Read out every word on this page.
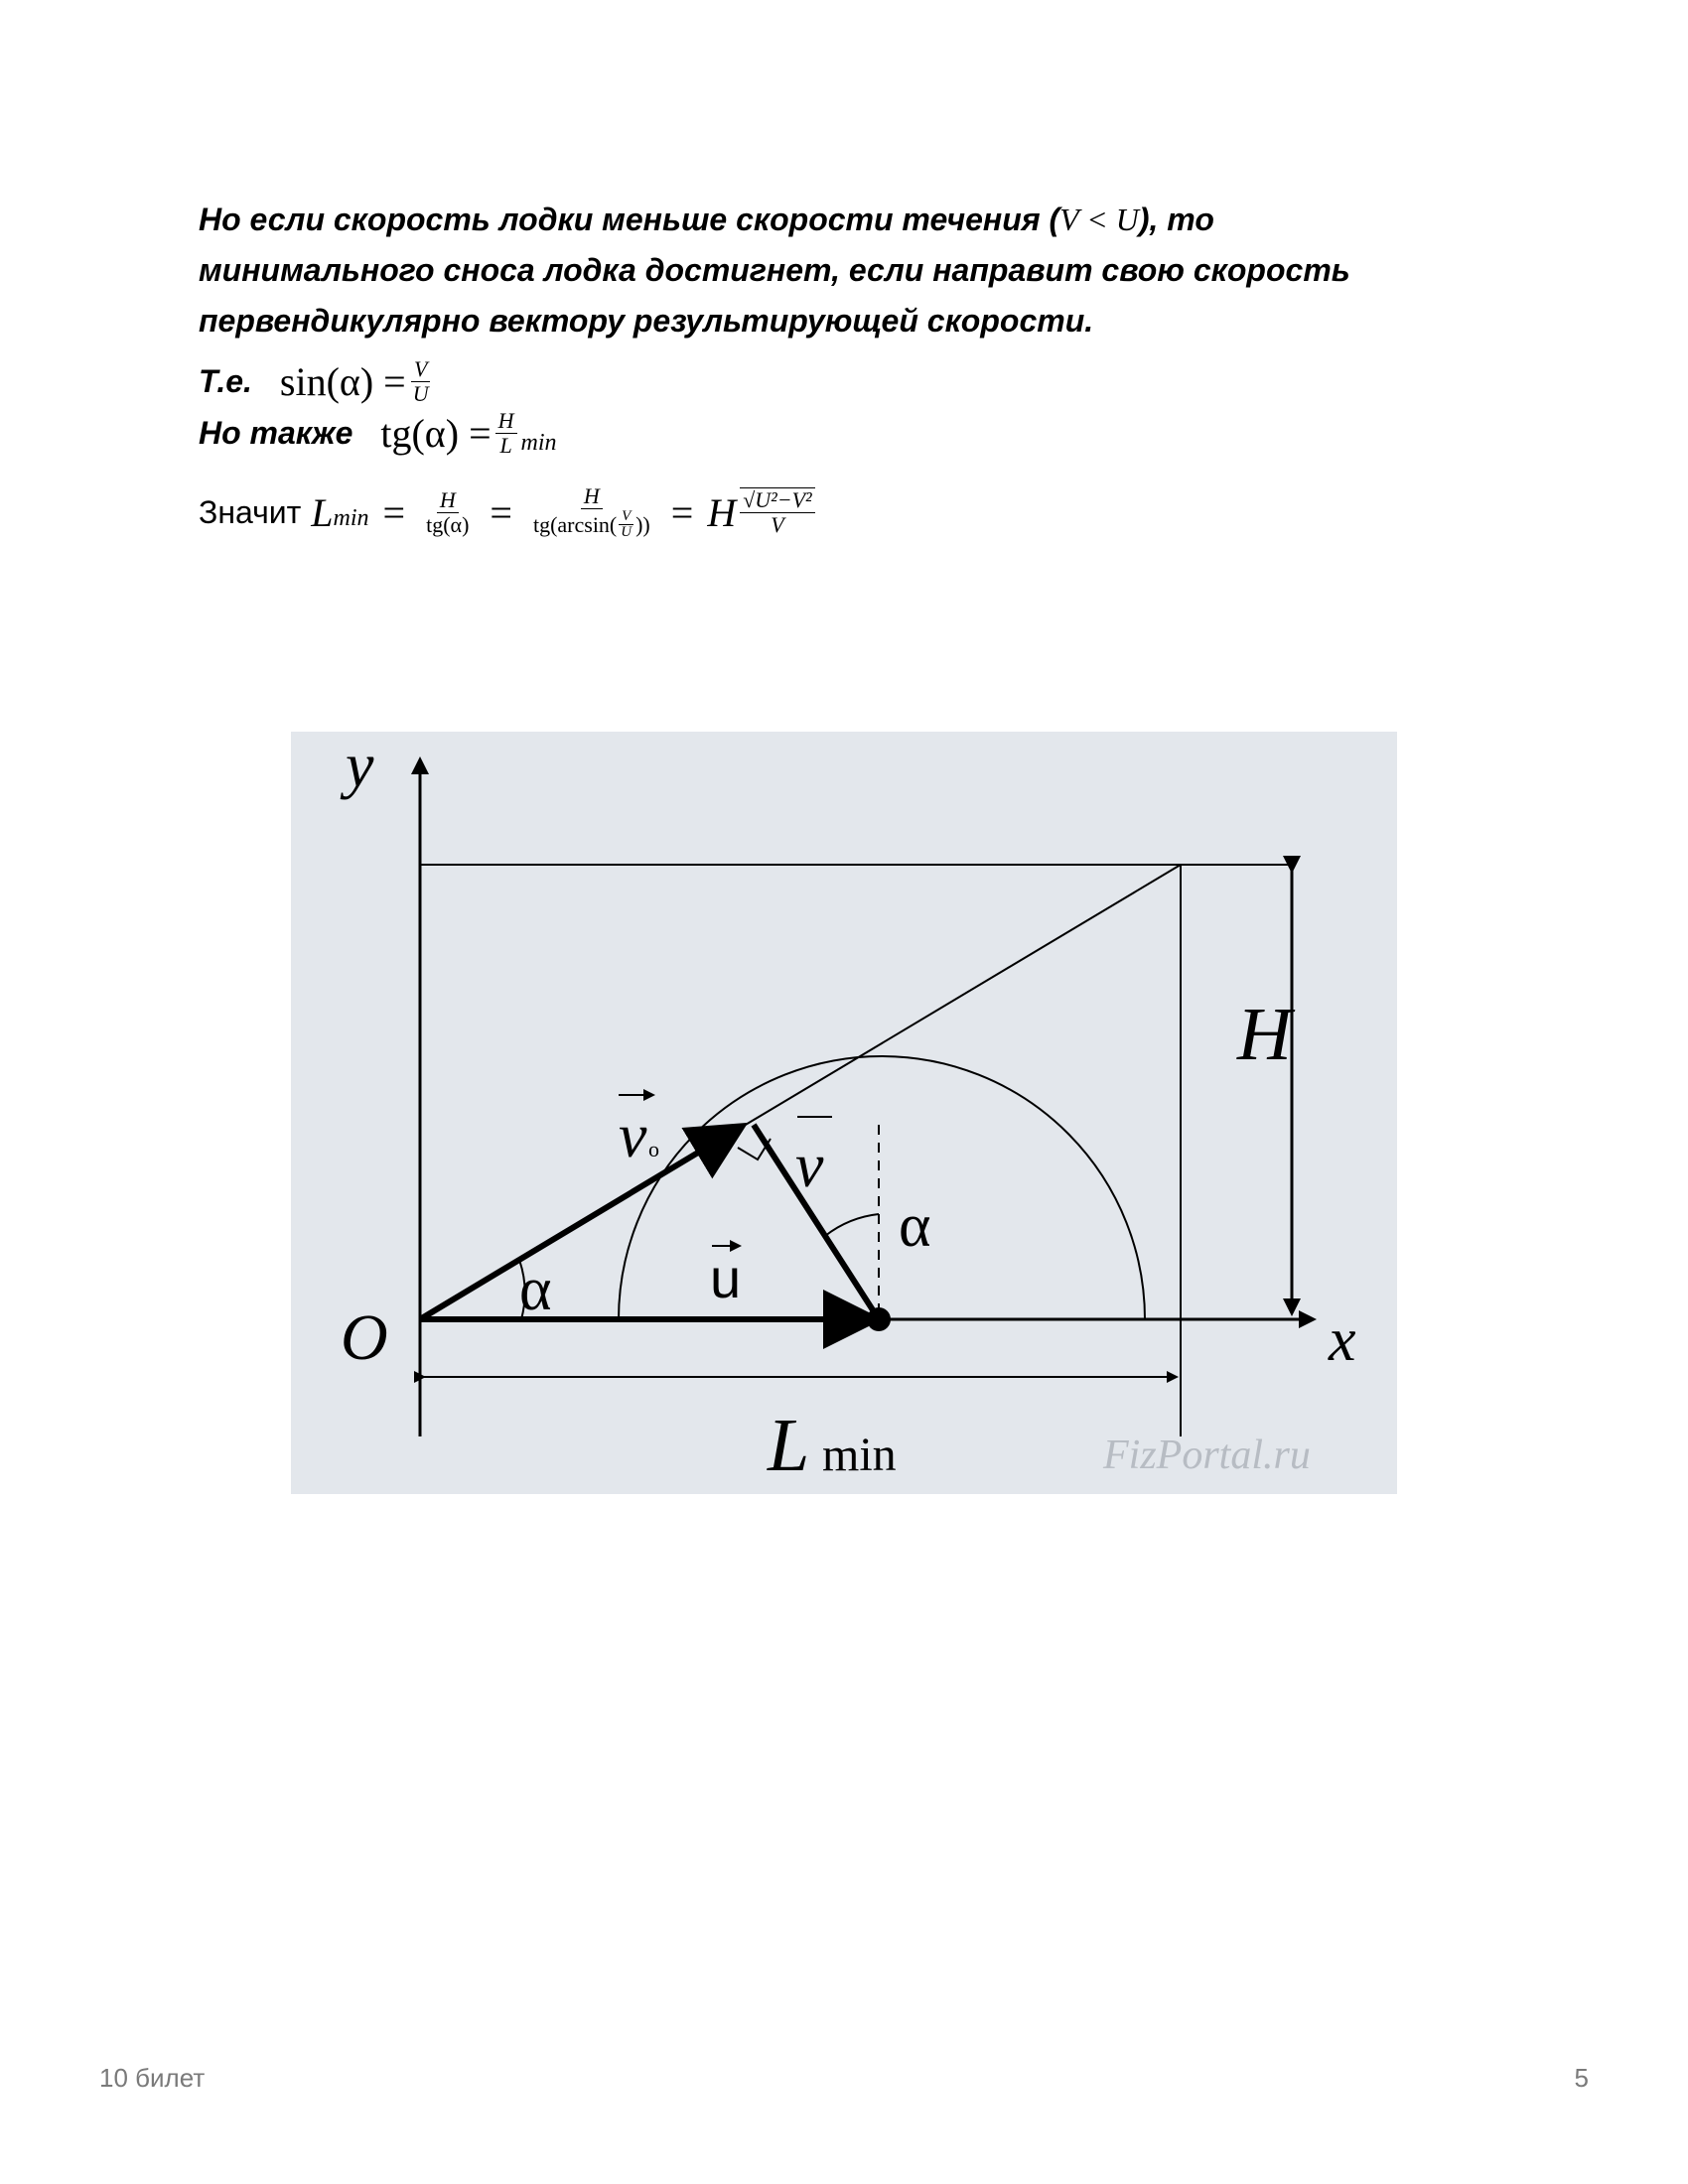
Но если скорость лодки меньше скорости течения (V < U), то минимального сноса лодка достигнет, если направит свою скорость первендикулярно вектору результирующей скорости.
Т.е. $\sin(\alpha) = \frac{V}{U}$
Но также $tg(\alpha) = \frac{H}{L}$ min
Значит L $\min = \frac{H}{tg(\alpha)} = \frac{H}{tg(\arcsin( \frac{V}{U} ))} = H \frac{\text{√U²−V²}}{V}$
y
x
O
H
L min
v o v
u
α
α
FizPortal.ru
10 билет	5
